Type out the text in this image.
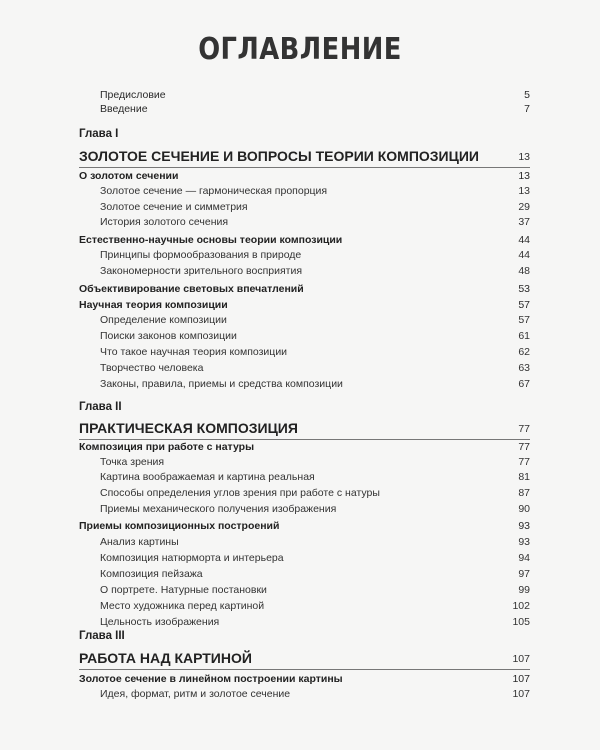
ОГЛАВЛЕНИЕ
Предисловие	5
Введение	7
Глава I
ЗОЛОТОЕ СЕЧЕНИЕ И ВОПРОСЫ ТЕОРИИ КОМПОЗИЦИИ	13
О золотом сечении	13
Золотое сечение — гармоническая пропорция	13
Золотое сечение и симметрия	29
История золотого сечения	37
Естественно-научные основы теории композиции	44
Принципы формообразования в природе	44
Закономерности зрительного восприятия	48
Объективирование световых впечатлений	53
Научная теория композиции	57
Определение композиции	57
Поиски законов композиции	61
Что такое научная теория композиции	62
Творчество человека	63
Законы, правила, приемы и средства композиции	67
Глава II
ПРАКТИЧЕСКАЯ КОМПОЗИЦИЯ	77
Композиция при работе с натуры	77
Точка зрения	77
Картина воображаемая и картина реальная	81
Способы определения углов зрения при работе с натуры	87
Приемы механического получения изображения	90
Приемы композиционных построений	93
Анализ картины	93
Композиция натюрморта и интерьера	94
Композиция пейзажа	97
О портрете. Натурные постановки	99
Место художника перед картиной	102
Цельность изображения	105
Глава III
РАБОТА НАД КАРТИНОЙ	107
Золотое сечение в линейном построении картины	107
Идея, формат, ритм и золотое сечение	107
